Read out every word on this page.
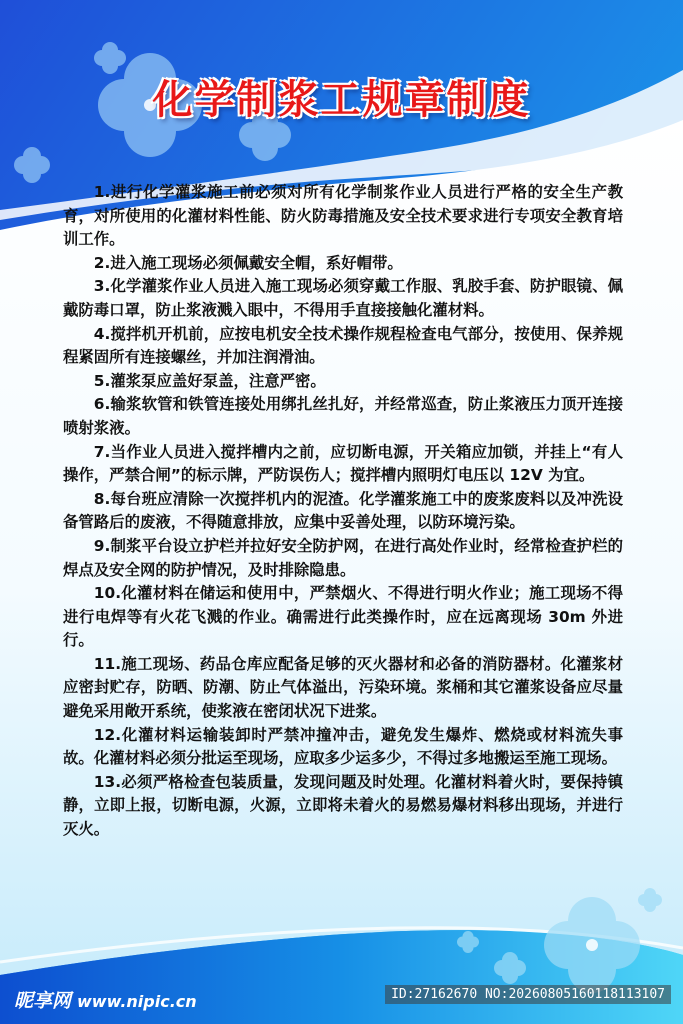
化学制浆工规章制度

1.进行化学灌浆施工前必须对所有化学制浆作业人员进行严格的安全生产教育，对所使用的化灌材料性能、防火防毒措施及安全技术要求进行专项安全教育培训工作。

2.进入施工现场必须佩戴安全帽，系好帽带。

3.化学灌浆作业人员进入施工现场必须穿戴工作服、乳胶手套、防护眼镜、佩戴防毒口罩，防止浆液溅入眼中，不得用手直接接触化灌材料。

4.搅拌机开机前，应按电机安全技术操作规程检查电气部分，按使用、保养规程紧固所有连接螺丝，并加注润滑油。

5.灌浆泵应盖好泵盖，注意严密。

6.输浆软管和铁管连接处用绑扎丝扎好，并经常巡查，防止浆液压力顶开连接喷射浆液。

7.当作业人员进入搅拌槽内之前，应切断电源，开关箱应加锁，并挂上“有人操作，严禁合闸”的标示牌，严防误伤人；搅拌槽内照明灯电压以 12V 为宜。

8.每台班应清除一次搅拌机内的泥渣。化学灌浆施工中的废浆废料以及冲洗设备管路后的废液，不得随意排放，应集中妥善处理，以防环境污染。

9.制浆平台设立护栏并拉好安全防护网，在进行高处作业时，经常检查护栏的焊点及安全网的防护情况，及时排除隐患。

10.化灌材料在储运和使用中，严禁烟火、不得进行明火作业；施工现场不得进行电焊等有火花飞溅的作业。确需进行此类操作时，应在远离现场 30m 外进行。

11.施工现场、药品仓库应配备足够的灭火器材和必备的消防器材。化灌浆材应密封贮存，防晒、防潮、防止气体溢出，污染环境。浆桶和其它灌浆设备应尽量避免采用敞开系统，使浆液在密闭状况下进浆。

12.化灌材料运输装卸时严禁冲撞冲击，避免发生爆炸、燃烧或材料流失事故。化灌材料必须分批运至现场，应取多少运多少，不得过多地搬运至施工现场。

13.必须严格检查包装质量，发现问题及时处理。化灌材料着火时，要保持镇静，立即上报，切断电源，火源，立即将未着火的易燃易爆材料移出现场，并进行灭火。

昵享网 www.nipic.cn	ID:27162670 NO:20260805160118113107
